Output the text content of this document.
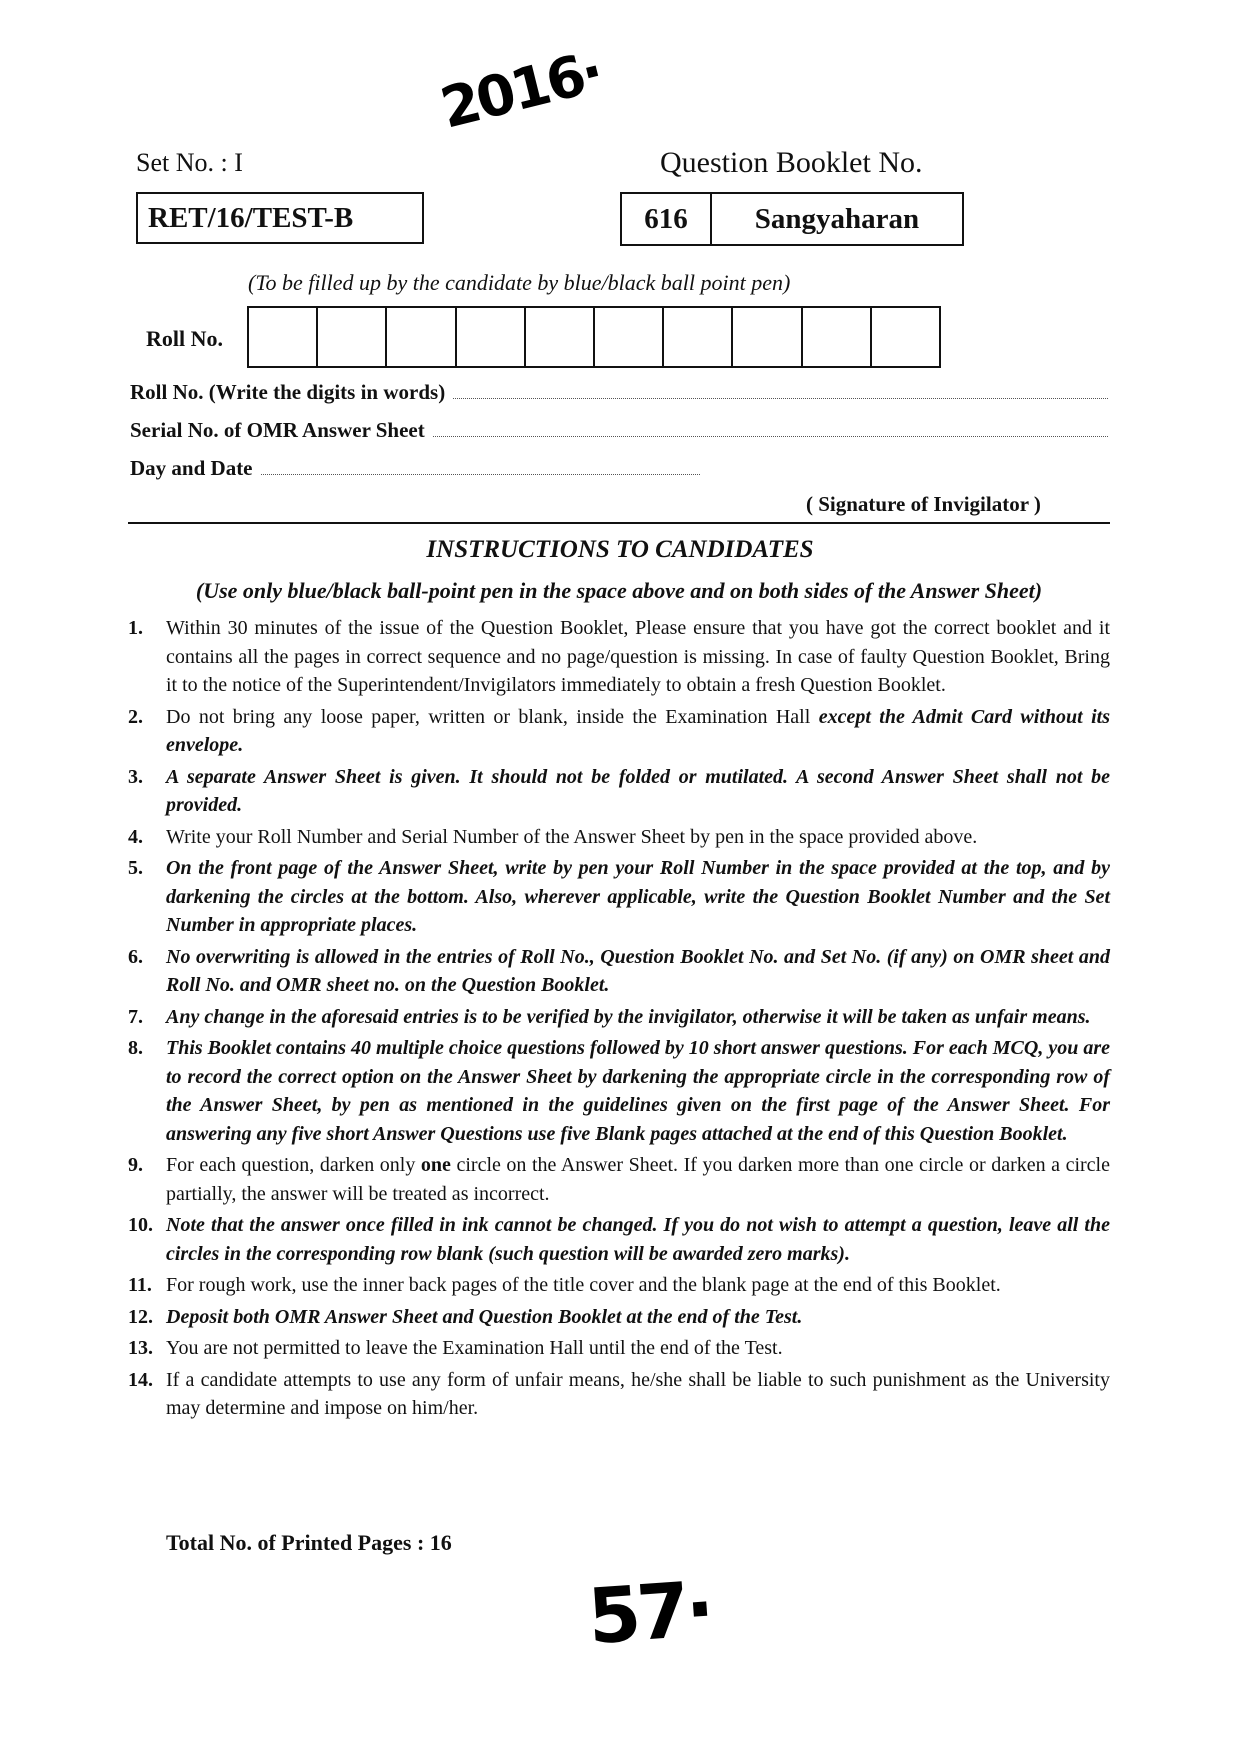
2016·
Set No. : I	Question Booklet No.
RET/16/TEST-B	616	Sangyaharan
(To be filled up by the candidate by blue/black ball point pen)
Roll No.
Roll No. (Write the digits in words)
Serial No. of OMR Answer Sheet
Day and Date
( Signature of Invigilator )
INSTRUCTIONS TO CANDIDATES
(Use only blue/black ball-point pen in the space above and on both sides of the Answer Sheet)
1.	Within 30 minutes of the issue of the Question Booklet, Please ensure that you have got the correct booklet and it contains all the pages in correct sequence and no page/question is missing. In case of faulty Question Booklet, Bring it to the notice of the Superintendent/Invigilators immediately to obtain a fresh Question Booklet.
2.	Do not bring any loose paper, written or blank, inside the Examination Hall except the Admit Card without its envelope.
3.	A separate Answer Sheet is given. It should not be folded or mutilated. A second Answer Sheet shall not be provided.
4.	Write your Roll Number and Serial Number of the Answer Sheet by pen in the space provided above.
5.	On the front page of the Answer Sheet, write by pen your Roll Number in the space provided at the top, and by darkening the circles at the bottom. Also, wherever applicable, write the Question Booklet Number and the Set Number in appropriate places.
6.	No overwriting is allowed in the entries of Roll No., Question Booklet No. and Set No. (if any) on OMR sheet and Roll No. and OMR sheet no. on the Question Booklet.
7.	Any change in the aforesaid entries is to be verified by the invigilator, otherwise it will be taken as unfair means.
8.	This Booklet contains 40 multiple choice questions followed by 10 short answer questions. For each MCQ, you are to record the correct option on the Answer Sheet by darkening the appropriate circle in the corresponding row of the Answer Sheet, by pen as mentioned in the guidelines given on the first page of the Answer Sheet. For answering any five short Answer Questions use five Blank pages attached at the end of this Question Booklet.
9.	For each question, darken only one circle on the Answer Sheet. If you darken more than one circle or darken a circle partially, the answer will be treated as incorrect.
10. Note that the answer once filled in ink cannot be changed. If you do not wish to attempt a question, leave all the circles in the corresponding row blank (such question will be awarded zero marks).
11. For rough work, use the inner back pages of the title cover and the blank page at the end of this Booklet.
12. Deposit both OMR Answer Sheet and Question Booklet at the end of the Test.
13. You are not permitted to leave the Examination Hall until the end of the Test.
14. If a candidate attempts to use any form of unfair means, he/she shall be liable to such punishment as the University may determine and impose on him/her.
Total No. of Printed Pages : 16
57·
